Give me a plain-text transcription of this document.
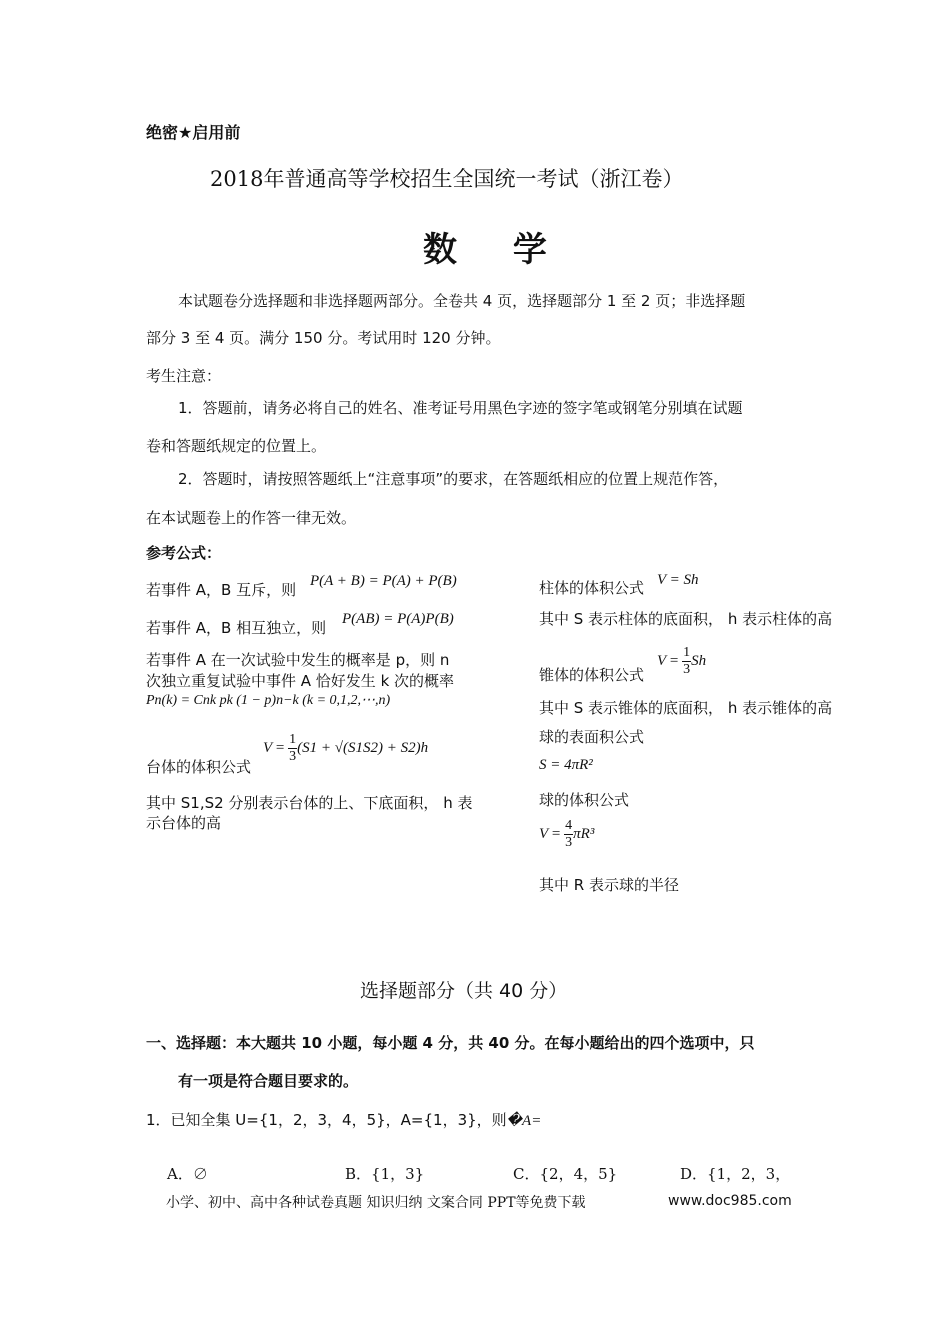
绝密★启用前
2018年普通高等学校招生全国统一考试（浙江卷）
数 学
本试题卷分选择题和非选择题两部分。全卷共 4 页，选择题部分 1 至 2 页；非选择题
部分 3 至 4 页。满分 150 分。考试用时 120 分钟。
考生注意：
1．答题前，请务必将自己的姓名、准考证号用黑色字迹的签字笔或钢笔分别填在试题
卷和答题纸规定的位置上。
2．答题时，请按照答题纸上“注意事项”的要求，在答题纸相应的位置上规范作答，
在本试题卷上的作答一律无效。
参考公式：
若事件 A，B 互斥，则 P(A + B) = P(A) + P(B)
若事件 A，B 相互独立，则 P(AB) = P(A)P(B)
若事件 A 在一次试验中发生的概率是 p，则 n
次独立重复试验中事件 A 恰好发生 k 次的概率
Pn(k) = Cnk pk (1 − p)n−k (k = 0,1,2,⋯,n)
$V = \frac{1}{3} (S1 + √(S1S2) + S2)h$
台体的体积公式
其中 S1,S2 分别表示台体的上、下底面积， h 表
示台体的高
柱体的体积公式 V = Sh
其中 S 表示柱体的底面积， h 表示柱体的高
$V = \frac{1}{3}$ Sh
锥体的体积公式
其中 S 表示锥体的底面积， h 表示锥体的高
球的表面积公式
S = 4πR²
球的体积公式
$V = \frac{4}{3} \pi R^3$
其中 R 表示球的半径
选择题部分（共 40 分）
一、选择题：本大题共 10 小题，每小题 4 分，共 40 分。在每小题给出的四个选项中，只
有一项是符合题目要求的。
1．已知全集 U={1，2，3，4，5}，A={1，3}，则�A=
A．∅	B．{1，3}	C．{2，4，5}	D．{1，2，3，
小学、初中、高中各种试卷真题 知识归纳 文案合同 PPT等免费下载	www.doc985.com
